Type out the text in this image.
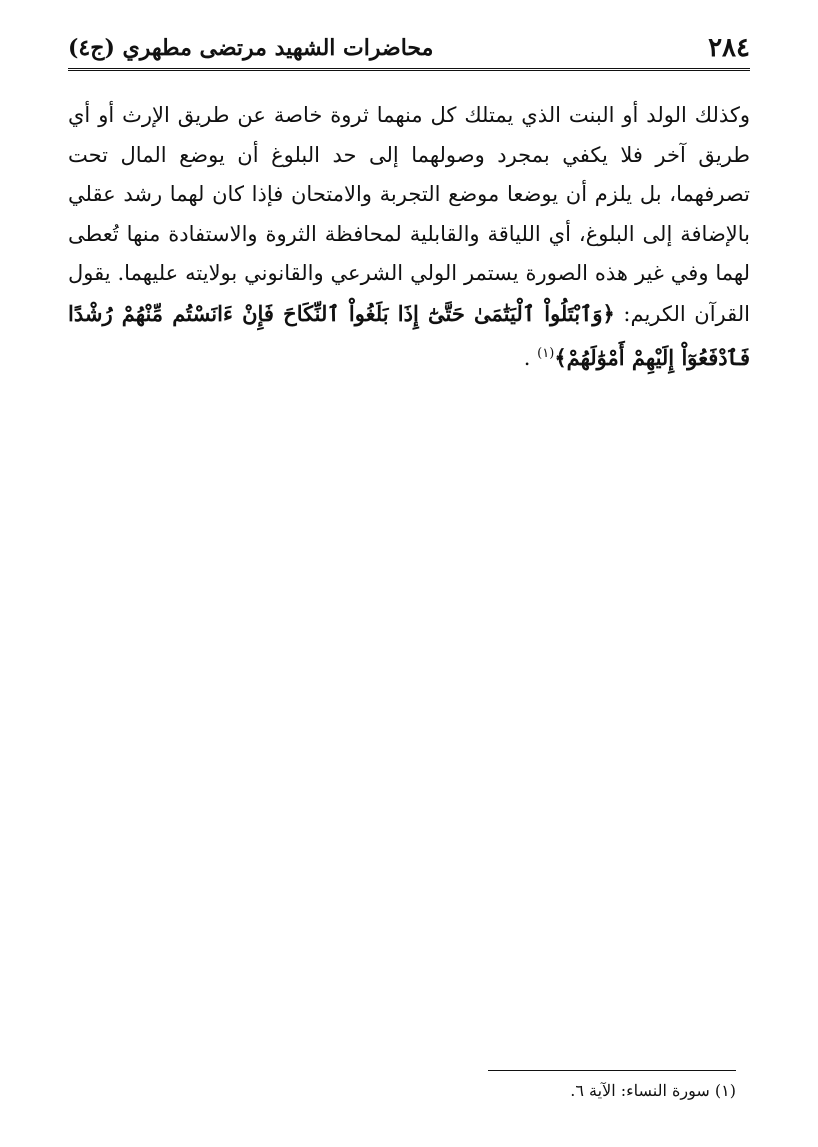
٢٨٤
محاضرات الشهيد مرتضى مطهري (ج٤)
وكذلك الولد أو البنت الذي يمتلك كل منهما ثروة خاصة عن طريق الإرث أو أي طريق آخر فلا يكفي بمجرد وصولهما إلى حد البلوغ أن يوضع المال تحت تصرفهما، بل يلزم أن يوضعا موضع التجربة والامتحان فإذا كان لهما رشد عقلي بالإضافة إلى البلوغ، أي اللياقة والقابلية لمحافظة الثروة والاستفادة منها تُعطى لهما وفي غير هذه الصورة يستمر الولي الشرعي والقانوني بولايته عليهما. يقول القرآن الكريم: ﴿وَٱبْتَلُواْ ٱلْيَتَٰمَىٰ حَتَّىٰٓ إِذَا بَلَغُواْ ٱلنِّكَاحَ فَإِنْ ءَانَسْتُم مِّنْهُمْ رُشْدًا فَٱدْفَعُوٓاْ إِلَيْهِمْ أَمْوَٰلَهُمْ﴾$^{(١)}$ .
(١) سورة النساء: الآية ٦.
